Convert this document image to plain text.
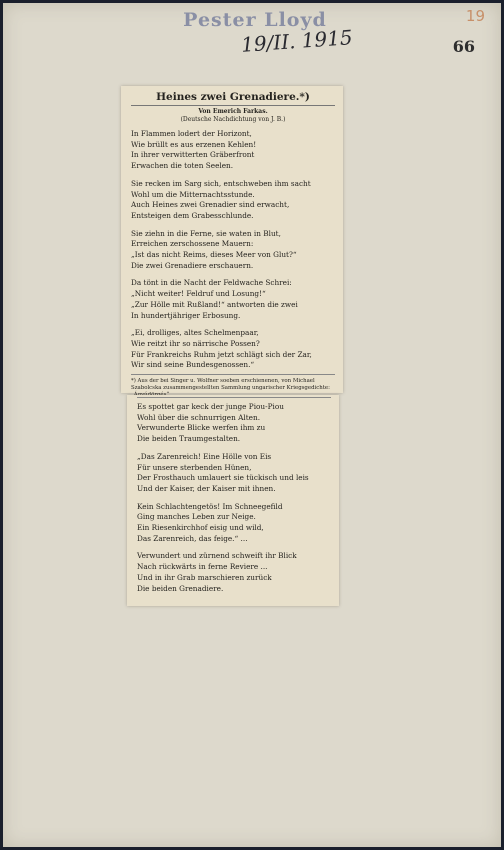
Pester Lloyd
19/II. 1915
19
66
Heines zwei Grenadiere.*)
Von Emerich Farkas.
(Deutsche Nachdichtung von J. B.)
In Flammen lodert der Horizont,
Wie brüllt es aus erzenen Kehlen!
In ihrer verwitterten Gräberfront
Erwachen die toten Seelen.
Sie recken im Sarg sich, entschweben ihm sacht
Wohl um die Mitternachtsstunde.
Auch Heines zwei Grenadier sind erwacht,
Entsteigen dem Grabesschlunde.
Sie ziehn in die Ferne, sie waten in Blut,
Erreichen zerschossene Mauern:
„Ist das nicht Reims, dieses Meer von Glut?“
Die zwei Grenadiere erschauern.
Da tönt in die Nacht der Feldwache Schrei:
„Nicht weiter! Feldruf und Losung!“
„Zur Hölle mit Rußland!“ antworten die zwei
In hundertjähriger Erbosung.
„Ei, drolliges, altes Schelmenpaar,
Wie reitzt ihr so närrische Possen?
Für Frankreichs Ruhm jetzt schlägt sich der Zar,
Wir sind seine Bundesgenossen.“
*) Aus der bei Singer u. Wolfner soeben erschienenen, von Michael Szabolcska zusammengestellten Sammlung ungarischer Kriegsgedichte:
Es spottet gar keck der junge Piou-Piou
Wohl über die schnurrigen Alten.
Verwunderte Blicke werfen ihm zu
Die beiden Traumgestalten.
„Das Zarenreich! Eine Hölle von Eis
Für unsere sterbenden Hünen,
Der Frosthauch umlauert sie tückisch und leis
Und der Kaiser, der Kaiser mit ihnen.
Kein Schlachtengetös! Im Schneegefild
Ging manches Leben zur Neige.
Ein Riesenkirchhof eisig und wild,
Das Zarenreich, das feige.“ ...
Verwundert und zürnend schweift ihr Blick
Nach rückwärts in ferne Reviere ...
Und in ihr Grab marschieren zurück
Die beiden Grenadiere.
